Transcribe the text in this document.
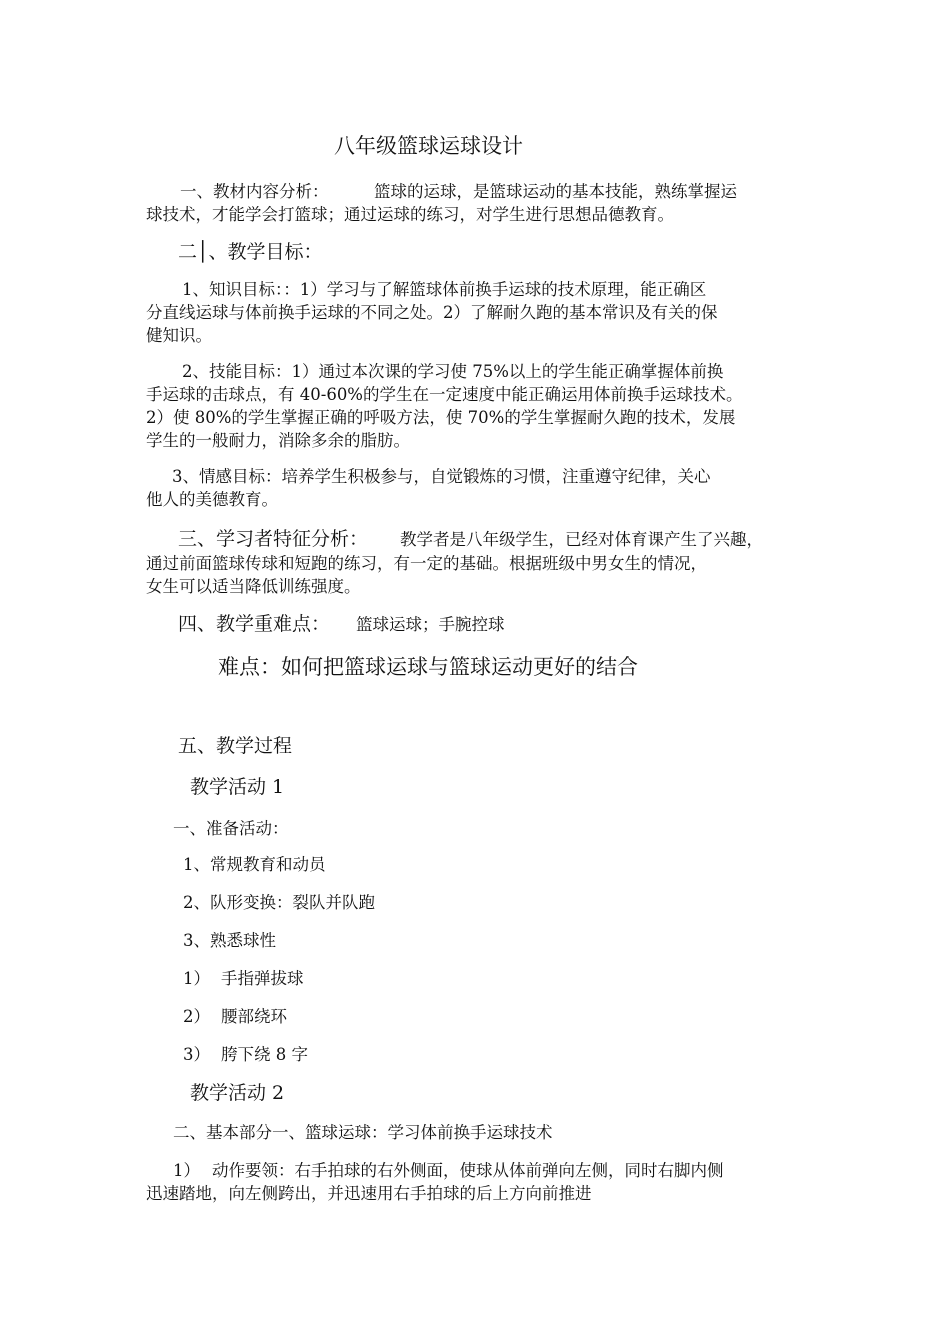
八年级篮球运球设计
一、教材内容分析：	篮球的运球，是篮球运动的基本技能，熟练掌握运
球技术，才能学会打篮球；通过运球的练习，对学生进行思想品德教育。
二│、教学目标：
1、知识目标：：1）学习与了解篮球体前换手运球的技术原理，能正确区
分直线运球与体前换手运球的不同之处。2）了解耐久跑的基本常识及有关的保
健知识。
2、技能目标：1）通过本次课的学习使 75%以上的学生能正确掌握体前换
手运球的击球点，有 40-60%的学生在一定速度中能正确运用体前换手运球技术。
2）使 80%的学生掌握正确的呼吸方法，使 70%的学生掌握耐久跑的技术，发展
学生的一般耐力，消除多余的脂肪。
3、情感目标：培养学生积极参与，自觉锻炼的习惯，注重遵守纪律，关心
他人的美德教育。
三、学习者特征分析： 教学者是八年级学生，已经对体育课产生了兴趣，
通过前面篮球传球和短跑的练习，有一定的基础。根据班级中男女生的情况，
女生可以适当降低训练强度。
四、教学重难点： 篮球运球；手腕控球
难点：如何把篮球运球与篮球运动更好的结合
五、教学过程
教学活动 1
一、准备活动：
1、常规教育和动员
2、队形变换：裂队并队跑
3、熟悉球性
1） 手指弹拔球
2） 腰部绕环
3） 胯下绕 8 字
教学活动 2
二、基本部分一、篮球运球：学习体前换手运球技术
1） 动作要领：右手拍球的右外侧面，使球从体前弹向左侧，同时右脚内侧
迅速踏地，向左侧跨出，并迅速用右手拍球的后上方向前推进
